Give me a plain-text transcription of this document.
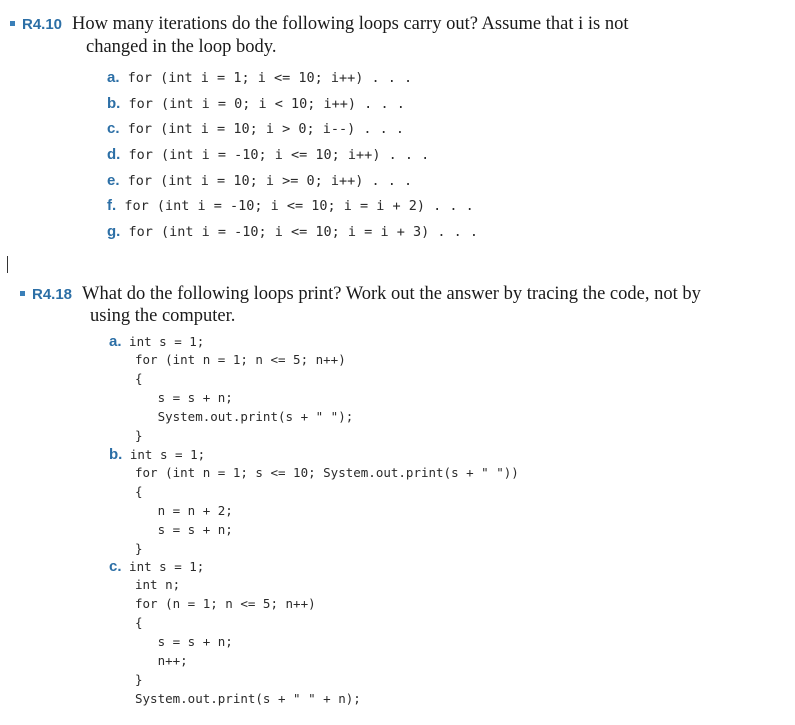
R4.10 How many iterations do the following loops carry out? Assume that i is not
changed in the loop body.
a. for (int i = 1; i <= 10; i++) . . .
b. for (int i = 0; i < 10; i++) . . .
c. for (int i = 10; i > 0; i--) . . .
d. for (int i = -10; i <= 10; i++) . . .
e. for (int i = 10; i >= 0; i++) . . .
f. for (int i = -10; i <= 10; i = i + 2) . . .
g. for (int i = -10; i <= 10; i = i + 3) . . .
R4.18 What do the following loops print? Work out the answer by tracing the code, not by
using the computer.
a. int s = 1;
for (int n = 1; n <= 5; n++)
{
s = s + n;
System.out.print(s + " ");
}
b. int s = 1;
for (int n = 1; s <= 10; System.out.print(s + " "))
{
n = n + 2;
s = s + n;
}
c. int s = 1;
int n;
for (n = 1; n <= 5; n++)
{
s = s + n;
n++;
}
System.out.print(s + " " + n);
